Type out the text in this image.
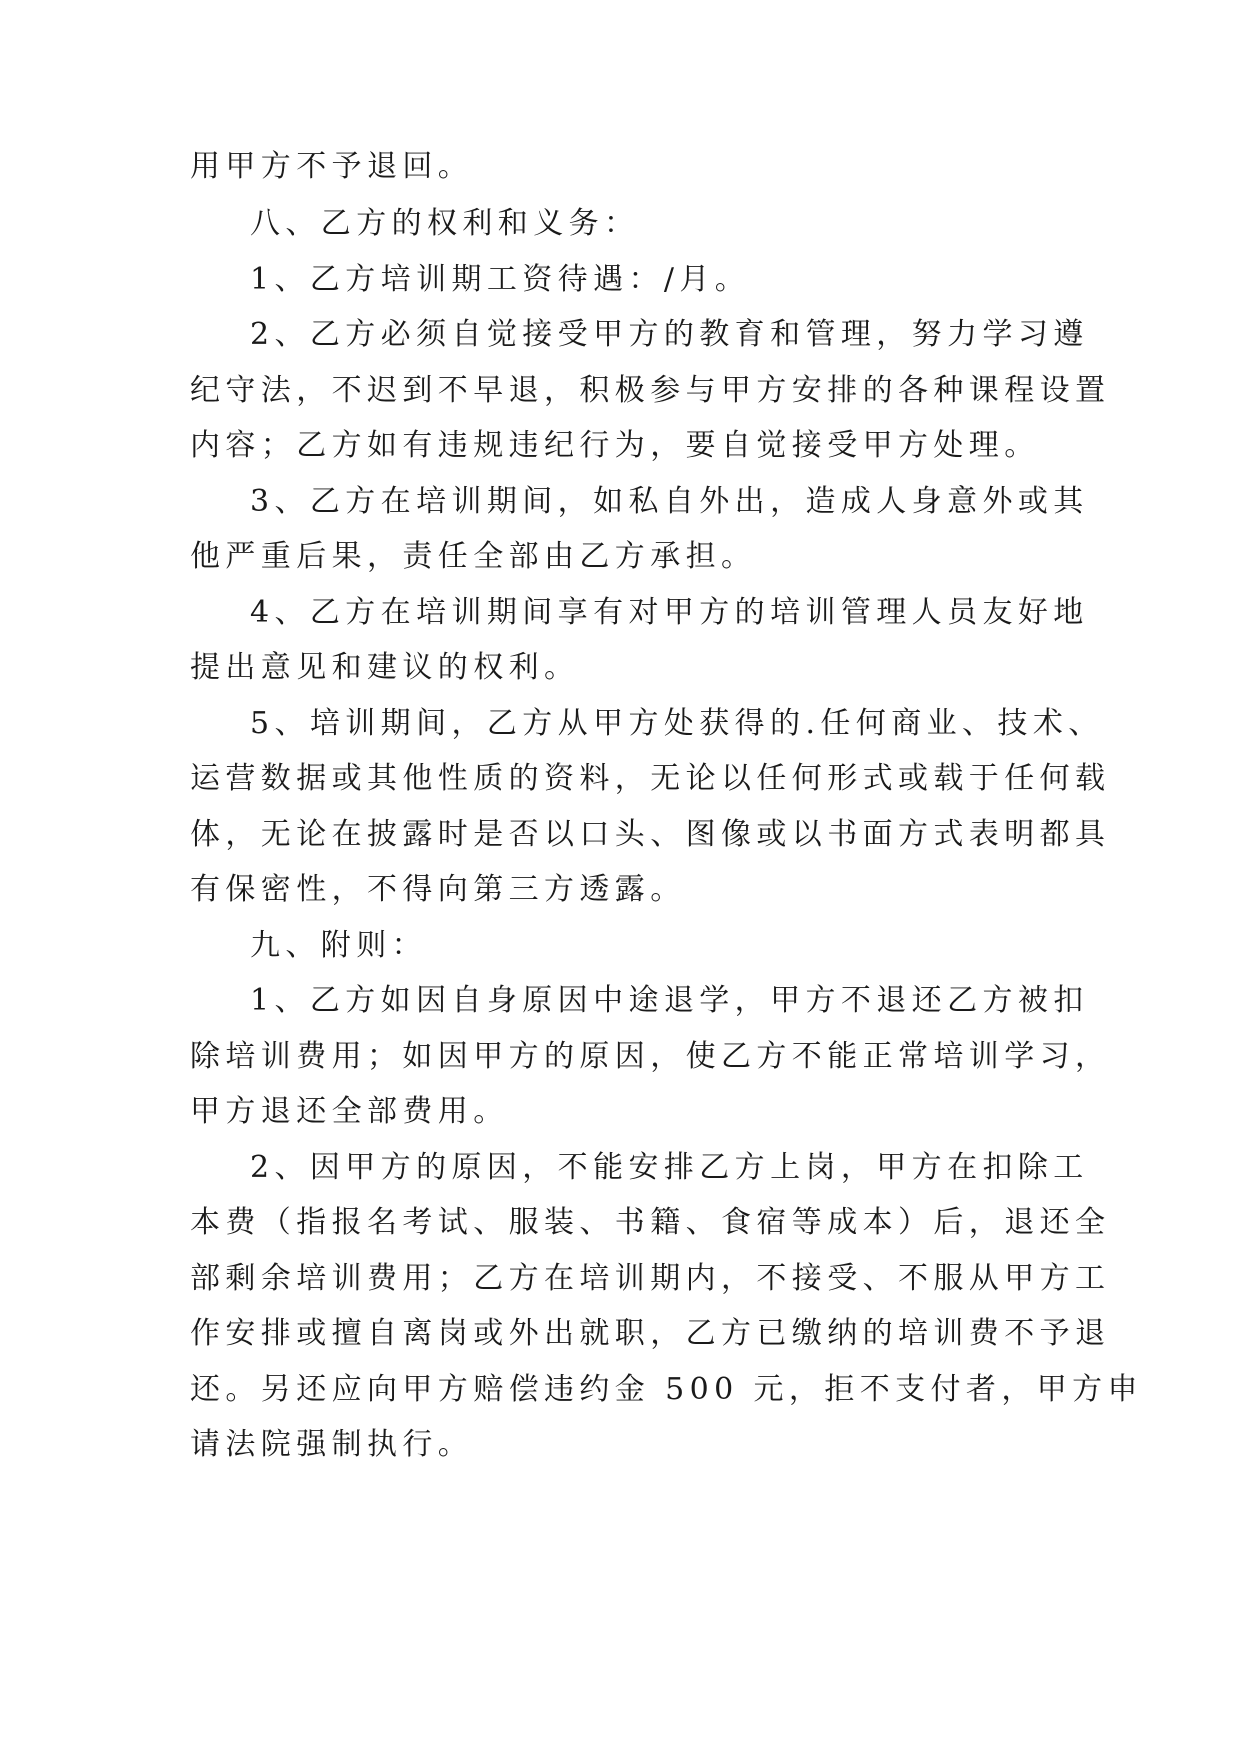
用甲方不予退回。
八、乙方的权利和义务：
1、乙方培训期工资待遇：/月。
2、乙方必须自觉接受甲方的教育和管理，努力学习遵
纪守法，不迟到不早退，积极参与甲方安排的各种课程设置
内容；乙方如有违规违纪行为，要自觉接受甲方处理。
3、乙方在培训期间，如私自外出，造成人身意外或其
他严重后果，责任全部由乙方承担。
4、乙方在培训期间享有对甲方的培训管理人员友好地
提出意见和建议的权利。
5、培训期间，乙方从甲方处获得的.任何商业、技术、
运营数据或其他性质的资料，无论以任何形式或载于任何载
体，无论在披露时是否以口头、图像或以书面方式表明都具
有保密性，不得向第三方透露。
九、附则：
1、乙方如因自身原因中途退学，甲方不退还乙方被扣
除培训费用；如因甲方的原因，使乙方不能正常培训学习，
甲方退还全部费用。
2、因甲方的原因，不能安排乙方上岗，甲方在扣除工
本费（指报名考试、服装、书籍、食宿等成本）后，退还全
部剩余培训费用；乙方在培训期内，不接受、不服从甲方工
作安排或擅自离岗或外出就职，乙方已缴纳的培训费不予退
还。另还应向甲方赔偿违约金 500 元，拒不支付者，甲方申
请法院强制执行。
